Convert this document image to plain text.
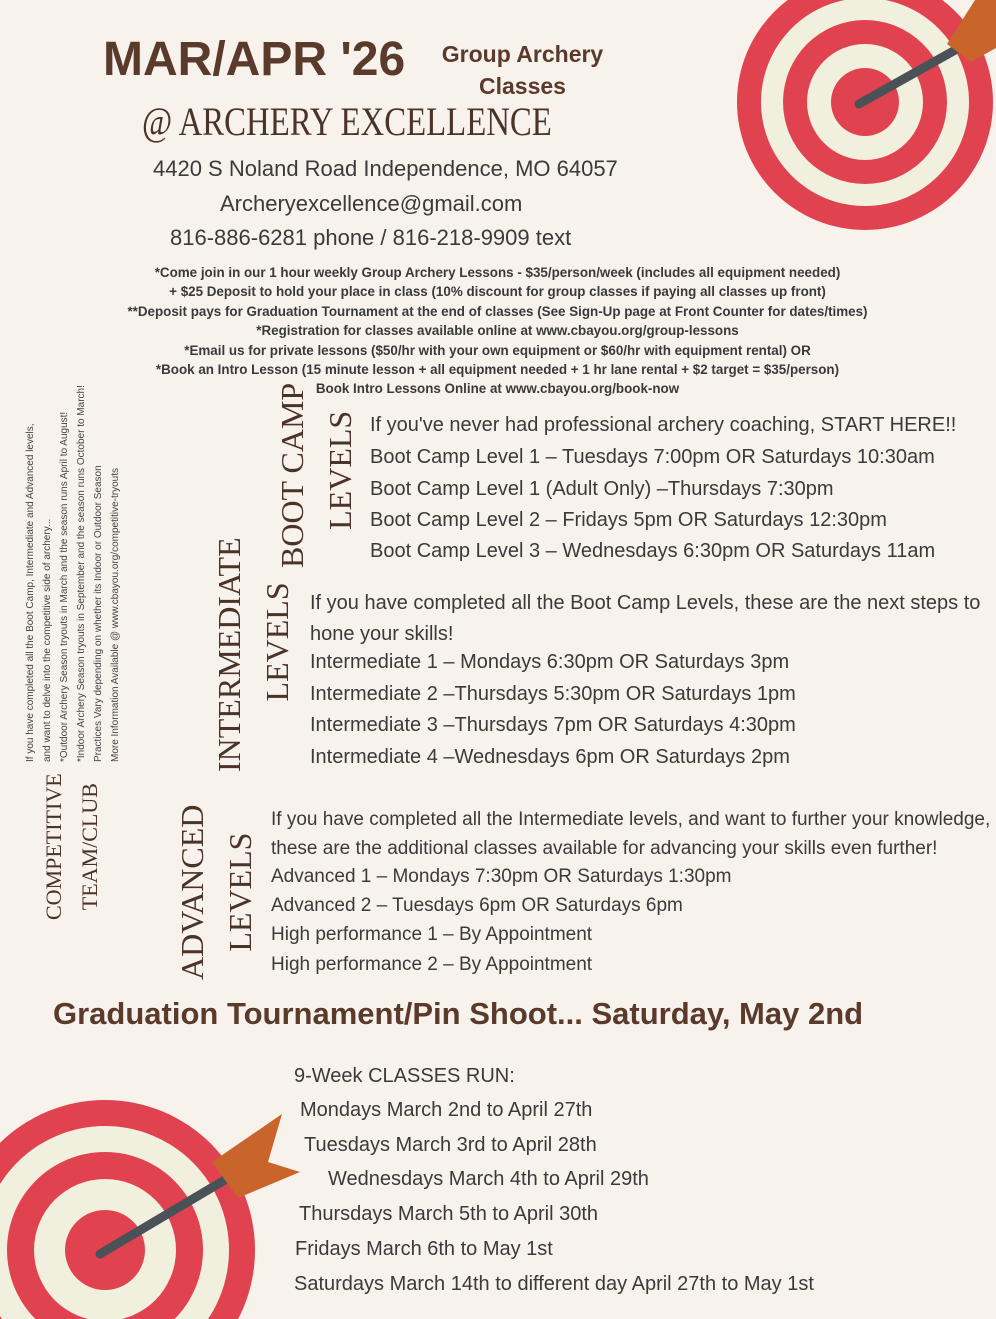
MAR/APR '26 Group Archery
Classes
@ ARCHERY EXCELLENCE
4420 S Noland Road Independence, MO 64057
Archeryexcellence@gmail.com
816-886-6281 phone / 816-218-9909 text
*Come join in our 1 hour weekly Group Archery Lessons - $35/person/week (includes all equipment needed)
+ $25 Deposit to hold your place in class (10% discount for group classes if paying all classes up front)
**Deposit pays for Graduation Tournament at the end of classes (See Sign-Up page at Front Counter for dates/times)
*Registration for classes available online at www.cbayou.org/group-lessons
*Email us for private lessons ($50/hr with your own equipment or $60/hr with equipment rental) OR
*Book an Intro Lesson (15 minute lesson + all equipment needed + 1 hr lane rental + $2 target = $35/person)
Book Intro Lessons Online at www.cbayou.org/book-now
If you have completed all the Boot Camp, Intermediate and Advanced levels, and want to delve into the competitive side of archery... *Outdoor Archery Season tryouts in March and the season runs April to August! *Indoor Archery Season tryouts in September and the season runs October to March! Practices Vary depending on whether its Indoor or Outdoor Season More Information Available @ www.cbayou.org/competitive-tryouts
COMPETITIVE TEAM/CLUB
BOOT CAMP LEVELS If you've never had professional archery coaching, START HERE!!
Boot Camp Level 1 – Tuesdays 7:00pm OR Saturdays 10:30am
Boot Camp Level 1 (Adult Only) –Thursdays 7:30pm
Boot Camp Level 2 – Fridays 5pm OR Saturdays 12:30pm
Boot Camp Level 3 – Wednesdays 6:30pm OR Saturdays 11am
INTERMEDIATE LEVELS If you have completed all the Boot Camp Levels, these are the next steps to
hone your skills!
Intermediate 1 – Mondays 6:30pm OR Saturdays 3pm
Intermediate 2 –Thursdays 5:30pm OR Saturdays 1pm
Intermediate 3 –Thursdays 7pm OR Saturdays 4:30pm
Intermediate 4 –Wednesdays 6pm OR Saturdays 2pm
ADVANCED LEVELS
If you have completed all the Intermediate levels, and want to further your knowledge,
these are the additional classes available for advancing your skills even further!
Advanced 1 – Mondays 7:30pm OR Saturdays 1:30pm
Advanced 2 – Tuesdays 6pm OR Saturdays 6pm
High performance 1 – By Appointment
High performance 2 – By Appointment
Graduation Tournament/Pin Shoot... Saturday, May 2nd
9-Week CLASSES RUN:
Mondays March 2nd to April 27th
Tuesdays March 3rd to April 28th
Wednesdays March 4th to April 29th
Thursdays March 5th to April 30th
Fridays March 6th to May 1st
Saturdays March 14th to different day April 27th to May 1st
